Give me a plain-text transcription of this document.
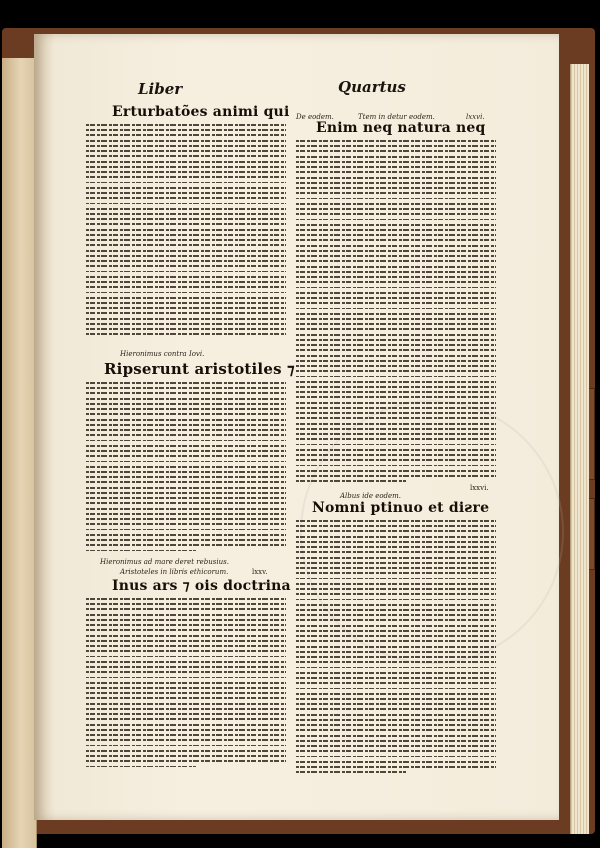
Liber	Quartus
De eodem.	Ttem in detur eodem.	lxxvi.
Erturbatões animi qui
Hieronimus contra Iovi.
Ripserunt aristotiles ⁊
Hieronimus ad mare deret rebusius.
Aristoteles in libris ethicorum.	lxxv.
Inus ars ⁊ ois doctrina
Enim neq natura neq
Albus ide eodem.
lxxvi.
Nomni ptinuo et diƨre
